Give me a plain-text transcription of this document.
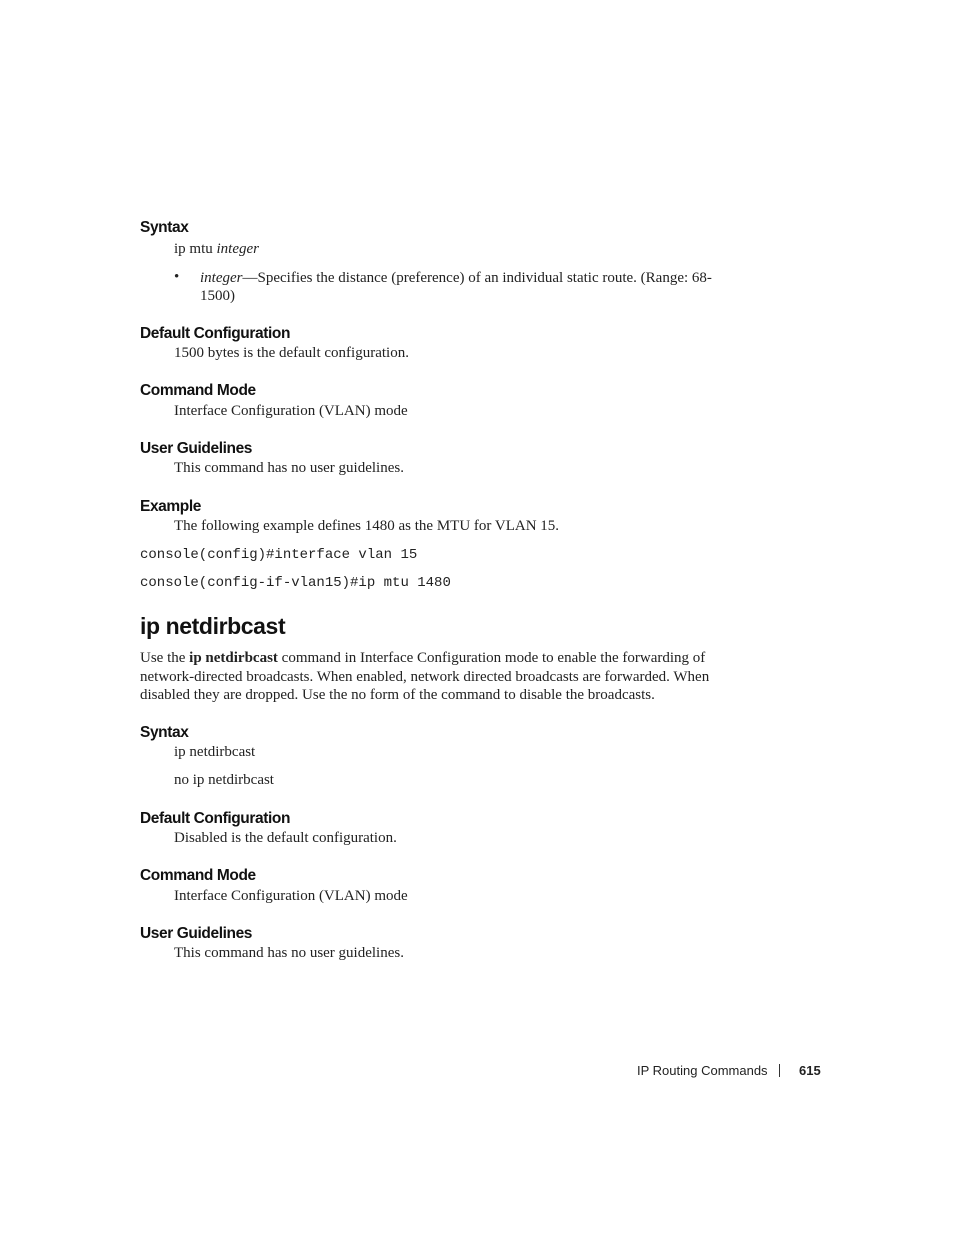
Syntax
ip mtu integer
• integer—Specifies the distance (preference) of an individual static route. (Range: 68-1500)
Default Configuration
1500 bytes is the default configuration.
Command Mode
Interface Configuration (VLAN) mode
User Guidelines
This command has no user guidelines.
Example
The following example defines 1480 as the MTU for VLAN 15.
console(config)#interface vlan 15
console(config-if-vlan15)#ip mtu 1480
ip netdirbcast
Use the ip netdirbcast command in Interface Configuration mode to enable the forwarding of network-directed broadcasts. When enabled, network directed broadcasts are forwarded. When disabled they are dropped. Use the no form of the command to disable the broadcasts.
Syntax
ip netdirbcast
no ip netdirbcast
Default Configuration
Disabled is the default configuration.
Command Mode
Interface Configuration (VLAN) mode
User Guidelines
This command has no user guidelines.
IP Routing Commands 615
